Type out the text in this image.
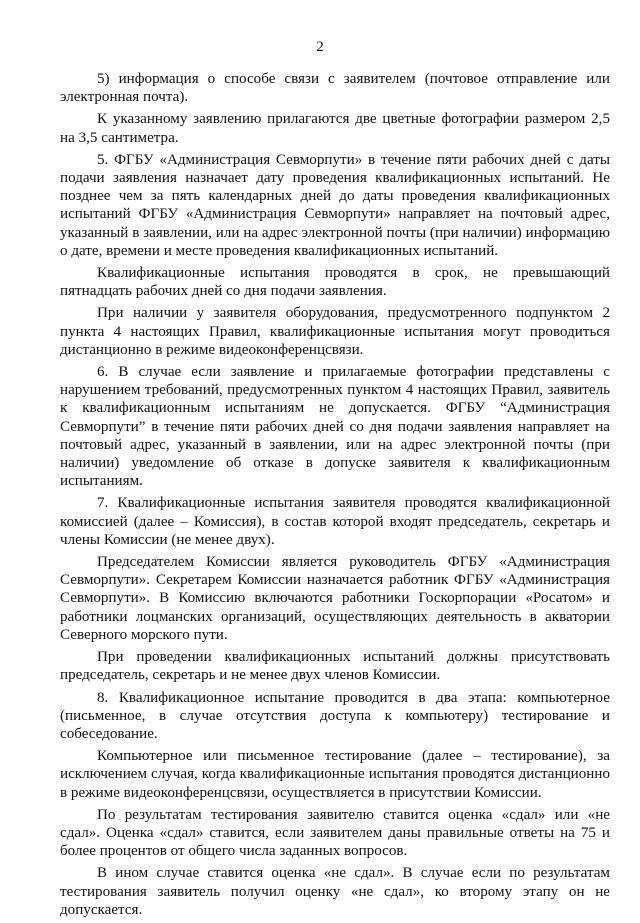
2

5) информация о способе связи с заявителем (почтовое отправление или электронная почта).

К указанному заявлению прилагаются две цветные фотографии размером 2,5 на 3,5 сантиметра.

5. ФГБУ «Администрация Севморпути» в течение пяти рабочих дней с даты подачи заявления назначает дату проведения квалификационных испытаний. Не позднее чем за пять календарных дней до даты проведения квалификационных испытаний ФГБУ «Администрация Севморпути» направляет на почтовый адрес, указанный в заявлении, или на адрес электронной почты (при наличии) информацию о дате, времени и месте проведения квалификационных испытаний.

Квалификационные испытания проводятся в срок, не превышающий пятнадцать рабочих дней со дня подачи заявления.

При наличии у заявителя оборудования, предусмотренного подпунктом 2 пункта 4 настоящих Правил, квалификационные испытания могут проводиться дистанционно в режиме видеоконференцсвязи.

6. В случае если заявление и прилагаемые фотографии представлены с нарушением требований, предусмотренных пунктом 4 настоящих Правил, заявитель к квалификационным испытаниям не допускается. ФГБУ “Администрация Севморпути” в течение пяти рабочих дней со дня подачи заявления направляет на почтовый адрес, указанный в заявлении, или на адрес электронной почты (при наличии) уведомление об отказе в допуске заявителя к квалификационным испытаниям.

7. Квалификационные испытания заявителя проводятся квалификационной комиссией (далее – Комиссия), в состав которой входят председатель, секретарь и члены Комиссии (не менее двух).

Председателем Комиссии является руководитель ФГБУ «Администрация Севморпути». Секретарем Комиссии назначается работник ФГБУ «Администрация Севморпути». В Комиссию включаются работники Госкорпорации «Росатом» и работники лоцманских организаций, осуществляющих деятельность в акватории Северного морского пути.

При проведении квалификационных испытаний должны присутствовать председатель, секретарь и не менее двух членов Комиссии.

8. Квалификационное испытание проводится в два этапа: компьютерное (письменное, в случае отсутствия доступа к компьютеру) тестирование и собеседование.

Компьютерное или письменное тестирование (далее – тестирование), за исключением случая, когда квалификационные испытания проводятся дистанционно в режиме видеоконференцсвязи, осуществляется в присутствии Комиссии.

По результатам тестирования заявителю ставится оценка «сдал» или «не сдал». Оценка «сдал» ставится, если заявителем даны правильные ответы на 75 и более процентов от общего числа заданных вопросов.

В ином случае ставится оценка «не сдал». В случае если по результатам тестирования заявитель получил оценку «не сдал», ко второму этапу он не допускается.
